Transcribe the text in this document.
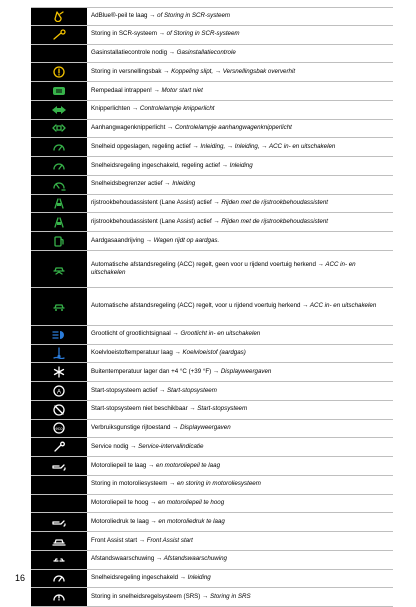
AdBlue®-peil te laag → of Storing in SCR-systeem
Storing in SCR-systeem → of Storing in SCR-systeem
Gasinstallatiecontrole nodig → Gasinstallatiecontrole
Storing in versnellingsbak → Koppeling slipt, → Versnellingsbak oververhit
Rempedaal intrappen! → Motor start niet
Knipperlichten → Controlelampje knipperlicht
Aanhangwagenknipperlicht → Controlelampje aanhangwagenknipperlicht
Snelheid opgeslagen, regeling actief → Inleiding, → Inleiding, → ACC in- en uitschakelen
Snelheidsregeling ingeschakeld, regeling actief → Inleiding
Snelheidsbegrenzer actief → Inleiding
rijstrookbehoudassistent (Lane Assist) actief → Rijden met de rijstrookbehoudassistent
rijstrookbehoudassistent (Lane Assist) actief → Rijden met de rijstrookbehoudassistent
Aardgasaandrijving → Wagen rijdt op aardgas.
Automatische afstandsregeling (ACC) regelt, geen voor u rijdend voertuig herkend → ACC in- en uitschakelen
Automatische afstandsregeling (ACC) regelt, voor u rijdend voertuig herkend → ACC in- en uitschakelen
Grootlicht of grootlichtsignaal → Grootlicht in- en uitschakelen
Koelvloeistoftemperatuur laag → Koelvloeistof (aardgas)
Buitentemperatuur lager dan +4 °C (+39 °F) → Displayweergaven
A	Start-stopsysteem actief → Start-stopsysteem
Start-stopsysteem niet beschikbaar → Start-stopsysteem
eco	Verbruiksgunstige rijtoestand → Displayweergaven
Service nodig → Service-intervalindicatie
Motoroliepeil te laag → en motoroliepeil te laag
Storing in motoroliesysteem → en storing in motoroliesysteem
Motoroliepeil te hoog → en motoroliepeil te hoog
Motoroliedruk te laag → en motoroliedruk te laag
Front Assist start → Front Assist start
Afstandswaarschuwing → Afstandswaarschuwing
Snelheidsregeling ingeschakeld → Inleiding
Storing in snelheidsregelsysteem (SRS) → Storing in SRS
16
